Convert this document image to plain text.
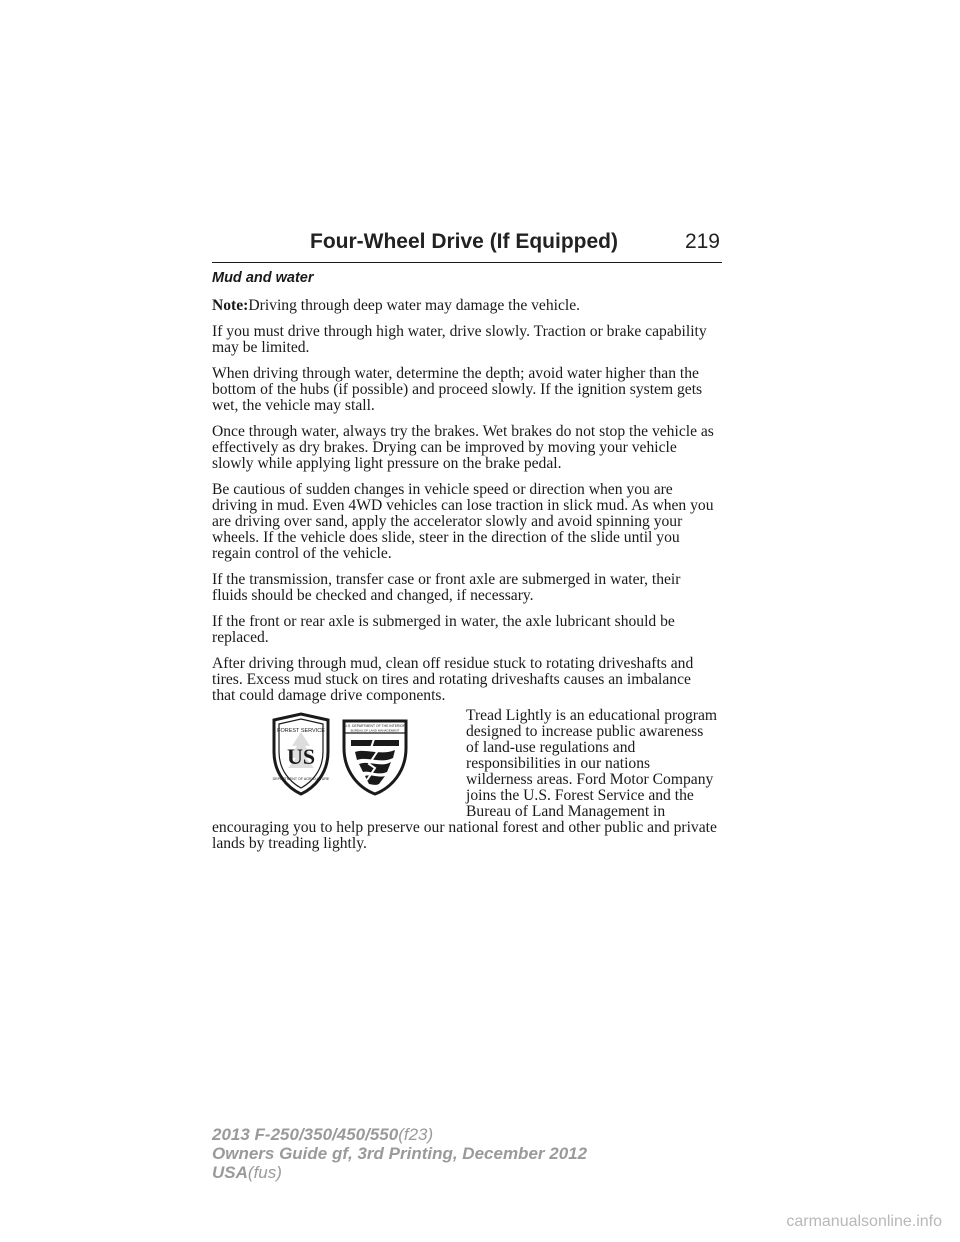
Four-Wheel Drive (If Equipped)	219
Mud and water

Note:Driving through deep water may damage the vehicle.

If you must drive through high water, drive slowly. Traction or brake capability may be limited.

When driving through water, determine the depth; avoid water higher than the bottom of the hubs (if possible) and proceed slowly. If the ignition system gets wet, the vehicle may stall.

Once through water, always try the brakes. Wet brakes do not stop the vehicle as effectively as dry brakes. Drying can be improved by moving your vehicle slowly while applying light pressure on the brake pedal.

Be cautious of sudden changes in vehicle speed or direction when you are driving in mud. Even 4WD vehicles can lose traction in slick mud. As when you are driving over sand, apply the accelerator slowly and avoid spinning your wheels. If the vehicle does slide, steer in the direction of the slide until you regain control of the vehicle.

If the transmission, transfer case or front axle are submerged in water, their fluids should be checked and changed, if necessary.

If the front or rear axle is submerged in water, the axle lubricant should be replaced.

After driving through mud, clean off residue stuck to rotating driveshafts and tires. Excess mud stuck on tires and rotating driveshafts causes an imbalance that could damage drive components.

US
FOREST SERVICE
DEPARTMENT OF AGRICULTURE
U.S. DEPARTMENT OF THE INTERIOR
BUREAU OF LAND MANAGEMENT

Tread Lightly is an educational program designed to increase public awareness of land-use regulations and responsibilities in our nations wilderness areas. Ford Motor Company joins the U.S. Forest Service and the Bureau of Land Management in encouraging you to help preserve our national forest and other public and private lands by treading lightly.

2013 F-250/350/450/550(f23)
Owners Guide gf, 3rd Printing, December 2012
USA(fus)
carmanualsonline.info
